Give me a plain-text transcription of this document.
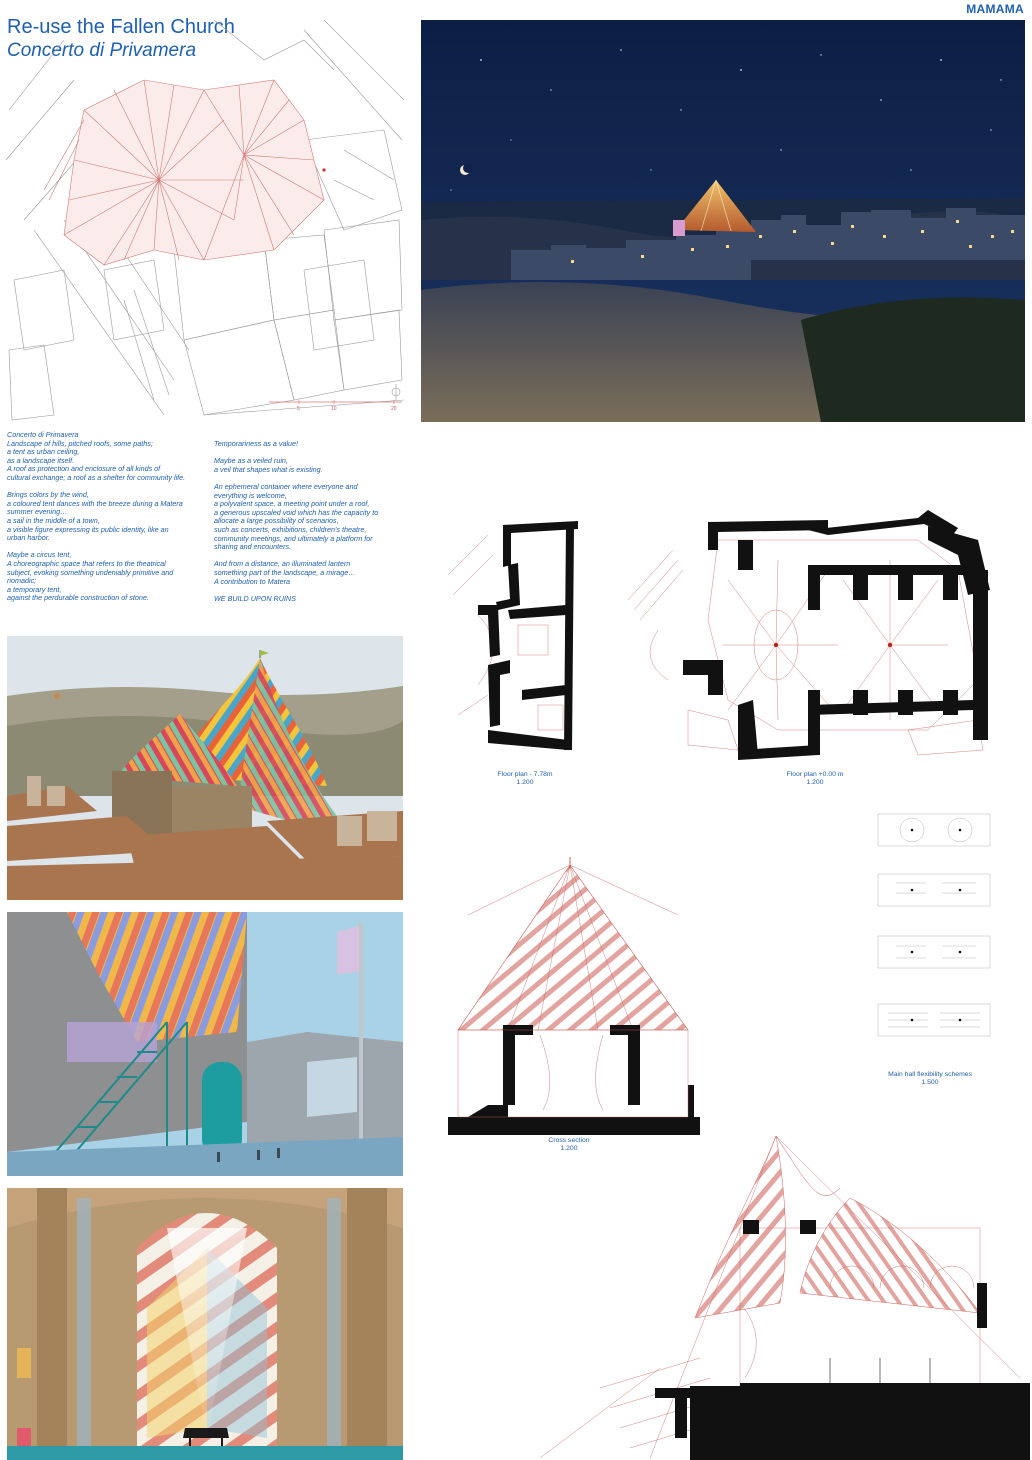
MAMAMA
Re-use the Fallen Church
Concerto di Privamera
5	10	20

Concerto di Primavera
Landscape of hills, pitched roofs, some paths;
a tent as urban ceiling,
as a landscape itself.
A roof as protection and enclosure of all kinds of
cultural exchange; a roof as a shelter for community life.

Brings colors by the wind,
a coloured tent dances with the breeze during a Matera
summer evening…
a sail in the middle of a town,
a visible figure expressing its public identity, like an
urban harbor.

Maybe a circus tent,
A choreographic space that refers to the theatrical
subject, evoking something undeniably primitive and
nomadic;
a temporary tent,
against the perdurable construction of stone.

Temporariness as a value!

Maybe as a veiled ruin,
a veil that shapes what is existing.

An ephemeral container where everyone and
everything is welcome,
a polyvalent space, a meeting point under a roof,
a generous upscaled void which has the capacity to
allocate a large possibility of scenarios,
such as concerts, exhibitions, children's theatre,
community meetings, and ultimately a platform for
sharing and encounters.

And from a distance, an illuminated lantern
something part of the landscape, a mirage…
A contribution to Matera

WE BUILD UPON RUINS

Floor plan - 7.78m
1.200
Floor plan +0.00 m
1.200
Main hall flexibility schemes
1.500
Cross section
1.200
